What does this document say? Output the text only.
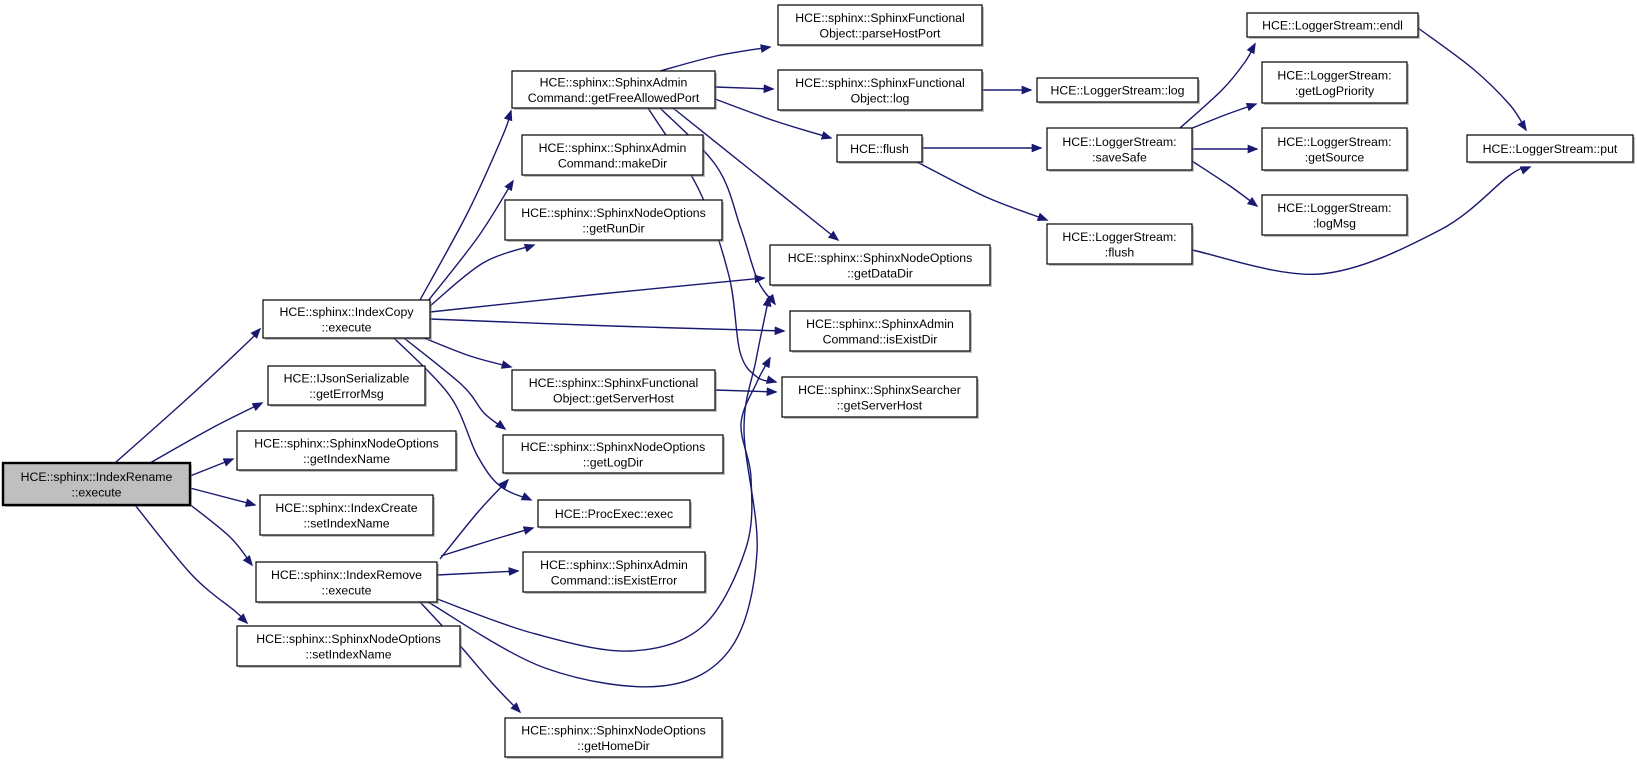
HCE::sphinx::IndexRename ::execute
HCE::sphinx::IndexCopy ::execute
HCE::IJsonSerializable ::getErrorMsg
HCE::sphinx::SphinxNodeOptions ::getIndexName
HCE::sphinx::IndexCreate ::setIndexName
HCE::sphinx::IndexRemove ::execute
HCE::sphinx::SphinxNodeOptions ::setIndexName
HCE::sphinx::SphinxAdmin Command::getFreeAllowedPort
HCE::sphinx::SphinxAdmin Command::makeDir
HCE::sphinx::SphinxNodeOptions ::getRunDir
HCE::sphinx::SphinxFunctional Object::getServerHost
HCE::sphinx::SphinxNodeOptions ::getLogDir
HCE::ProcExec::exec
HCE::sphinx::SphinxAdmin Command::isExistError
HCE::sphinx::SphinxNodeOptions ::getHomeDir
HCE::sphinx::SphinxFunctional Object::parseHostPort
HCE::sphinx::SphinxFunctional Object::log
HCE::flush
HCE::sphinx::SphinxNodeOptions ::getDataDir
HCE::sphinx::SphinxAdmin Command::isExistDir
HCE::sphinx::SphinxSearcher ::getServerHost
HCE::LoggerStream::log
HCE::LoggerStream: :saveSafe
HCE::LoggerStream: :flush
HCE::LoggerStream::endl
HCE::LoggerStream: :getLogPriority
HCE::LoggerStream: :getSource
HCE::LoggerStream: :logMsg
HCE::LoggerStream::put
